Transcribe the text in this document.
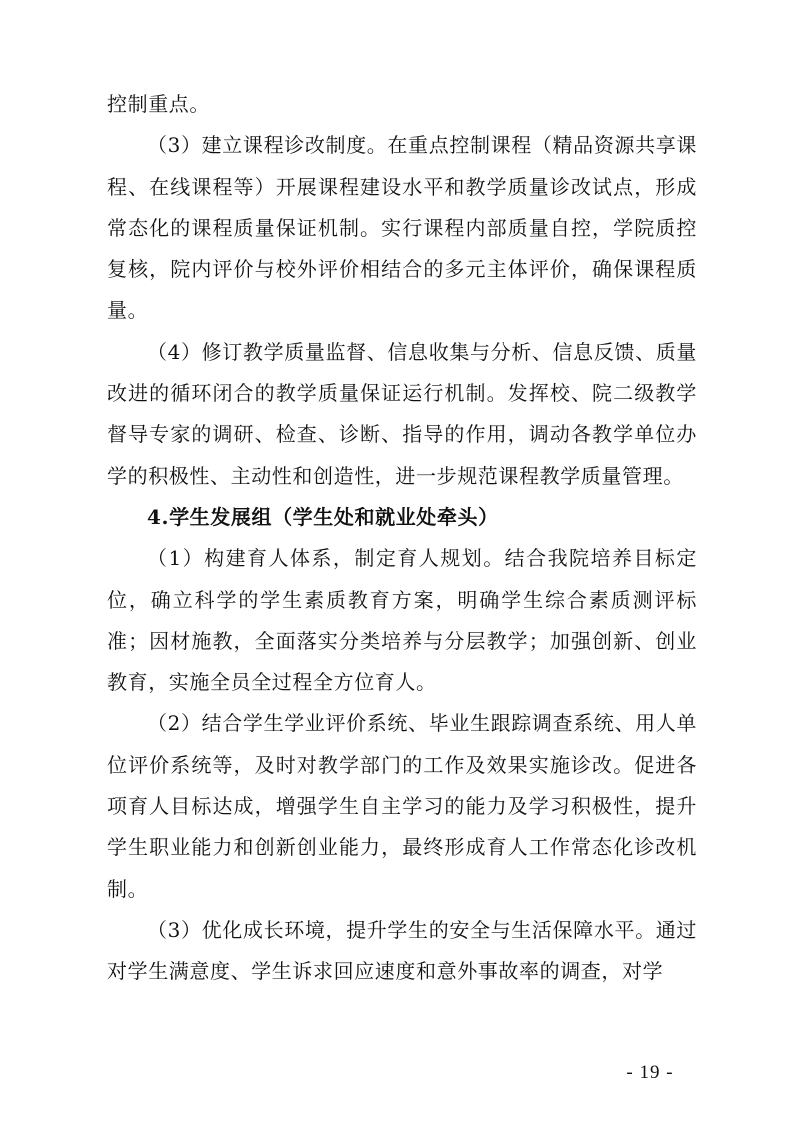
控制重点。

（3）建立课程诊改制度。在重点控制课程（精品资源共享课程、在线课程等）开展课程建设水平和教学质量诊改试点，形成常态化的课程质量保证机制。实行课程内部质量自控，学院质控复核，院内评价与校外评价相结合的多元主体评价，确保课程质量。

（4）修订教学质量监督、信息收集与分析、信息反馈、质量改进的循环闭合的教学质量保证运行机制。发挥校、院二级教学督导专家的调研、检查、诊断、指导的作用，调动各教学单位办学的积极性、主动性和创造性，进一步规范课程教学质量管理。

4.学生发展组（学生处和就业处牵头）

（1）构建育人体系，制定育人规划。结合我院培养目标定位，确立科学的学生素质教育方案，明确学生综合素质测评标准；因材施教，全面落实分类培养与分层教学；加强创新、创业教育，实施全员全过程全方位育人。

（2）结合学生学业评价系统、毕业生跟踪调查系统、用人单位评价系统等，及时对教学部门的工作及效果实施诊改。促进各项育人目标达成，增强学生自主学习的能力及学习积极性，提升学生职业能力和创新创业能力，最终形成育人工作常态化诊改机制。

（3）优化成长环境，提升学生的安全与生活保障水平。通过对学生满意度、学生诉求回应速度和意外事故率的调查，对学

- 19 -
